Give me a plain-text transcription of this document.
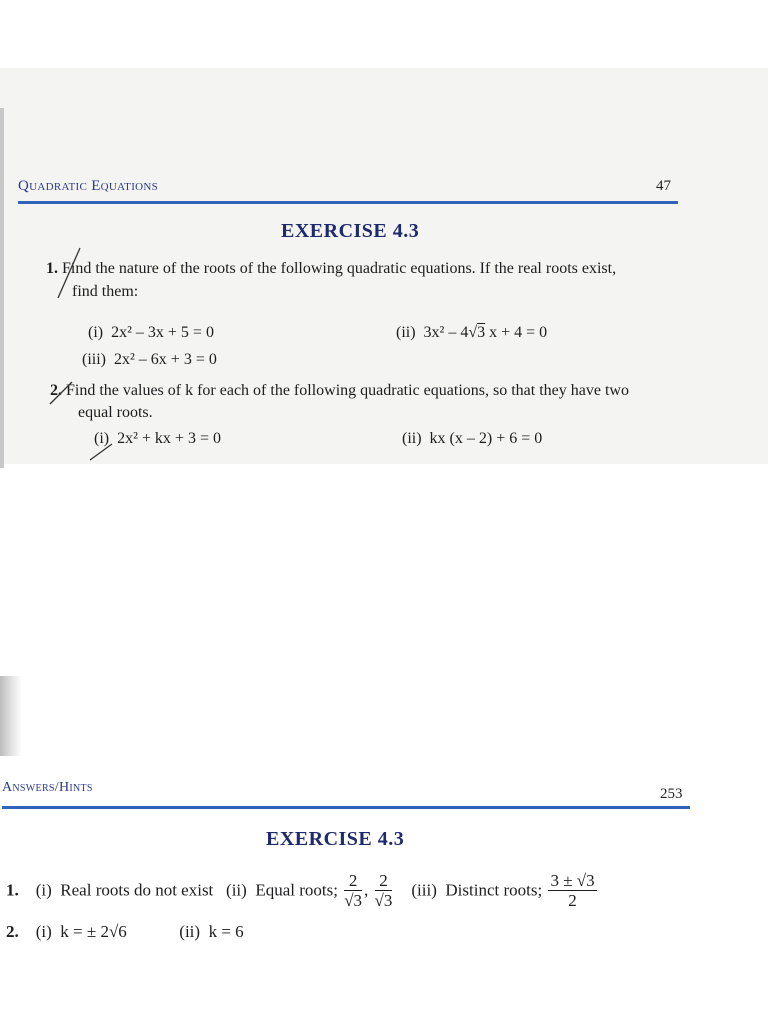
Quadratic Equations	47
EXERCISE 4.3
1. Find the nature of the roots of the following quadratic equations. If the real roots exist,
find them:
(i) 2x² – 3x + 5 = 0	(ii) 3x² – 4√3 x + 4 = 0
(iii) 2x² – 6x + 3 = 0
2. Find the values of k for each of the following quadratic equations, so that they have two
equal roots.
(i) 2x² + kx + 3 = 0	(ii) kx (x – 2) + 6 = 0
Answers/Hints	253
EXERCISE 4.3
1. (i) Real roots do not exist (ii) Equal roots; $\frac{2}{√3}$ , $\frac{2}{√3} (iii)$ Distinct roots; $\frac{3 \pm √3}{2}$
2. (i) k = ± 2√6	(ii) k = 6
